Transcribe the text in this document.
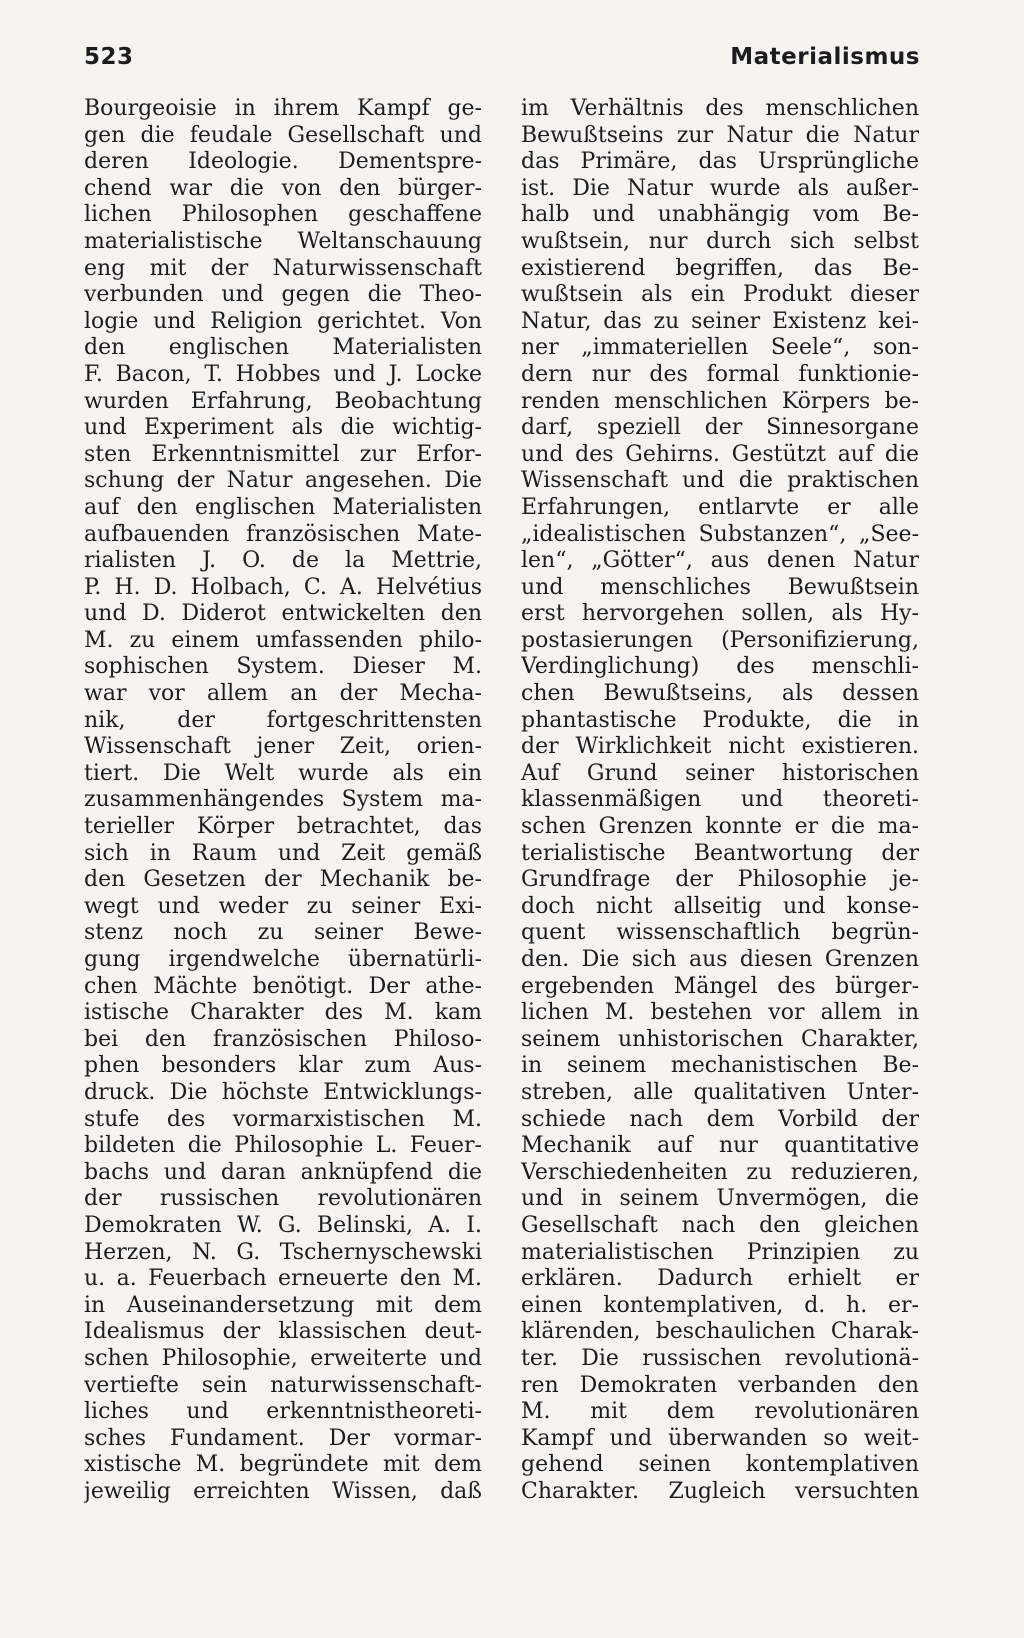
523	Materialismus
Bourgeoisie in ihrem Kampf ge-
gen die feudale Gesellschaft und
deren Ideologie. Dementspre-
chend war die von den bürger-
lichen Philosophen geschaffene
materialistische Weltanschauung
eng mit der Naturwissenschaft
verbunden und gegen die Theo-
logie und Religion gerichtet. Von
den englischen Materialisten
F. Bacon, T. Hobbes und J. Locke
wurden Erfahrung, Beobachtung
und Experiment als die wichtig-
sten Erkenntnismittel zur Erfor-
schung der Natur angesehen. Die
auf den englischen Materialisten
aufbauenden französischen Mate-
rialisten J. O. de la Mettrie,
P. H. D. Holbach, C. A. Helvétius
und D. Diderot entwickelten den
M. zu einem umfassenden philo-
sophischen System. Dieser M.
war vor allem an der Mecha-
nik, der fortgeschrittensten
Wissenschaft jener Zeit, orien-
tiert. Die Welt wurde als ein
zusammenhängendes System ma-
terieller Körper betrachtet, das
sich in Raum und Zeit gemäß
den Gesetzen der Mechanik be-
wegt und weder zu seiner Exi-
stenz noch zu seiner Bewe-
gung irgendwelche übernatürli-
chen Mächte benötigt. Der athe-
istische Charakter des M. kam
bei den französischen Philoso-
phen besonders klar zum Aus-
druck. Die höchste Entwicklungs-
stufe des vormarxistischen M.
bildeten die Philosophie L. Feuer-
bachs und daran anknüpfend die
der russischen revolutionären
Demokraten W. G. Belinski, A. I.
Herzen, N. G. Tschernyschewski
u. a. Feuerbach erneuerte den M.
in Auseinandersetzung mit dem
Idealismus der klassischen deut-
schen Philosophie, erweiterte und
vertiefte sein naturwissenschaft-
liches und erkenntnistheoreti-
sches Fundament. Der vormar-
xistische M. begründete mit dem
jeweilig erreichten Wissen, daß
im Verhältnis des menschlichen
Bewußtseins zur Natur die Natur
das Primäre, das Ursprüngliche
ist. Die Natur wurde als außer-
halb und unabhängig vom Be-
wußtsein, nur durch sich selbst
existierend begriffen, das Be-
wußtsein als ein Produkt dieser
Natur, das zu seiner Existenz kei-
ner „immateriellen Seele“, son-
dern nur des formal funktionie-
renden menschlichen Körpers be-
darf, speziell der Sinnesorgane
und des Gehirns. Gestützt auf die
Wissenschaft und die praktischen
Erfahrungen, entlarvte er alle
„idealistischen Substanzen“, „See-
len“, „Götter“, aus denen Natur
und menschliches Bewußtsein
erst hervorgehen sollen, als Hy-
postasierungen (Personifizierung,
Verdinglichung) des menschli-
chen Bewußtseins, als dessen
phantastische Produkte, die in
der Wirklichkeit nicht existieren.
Auf Grund seiner historischen
klassenmäßigen und theoreti-
schen Grenzen konnte er die ma-
terialistische Beantwortung der
Grundfrage der Philosophie je-
doch nicht allseitig und konse-
quent wissenschaftlich begrün-
den. Die sich aus diesen Grenzen
ergebenden Mängel des bürger-
lichen M. bestehen vor allem in
seinem unhistorischen Charakter,
in seinem mechanistischen Be-
streben, alle qualitativen Unter-
schiede nach dem Vorbild der
Mechanik auf nur quantitative
Verschiedenheiten zu reduzieren,
und in seinem Unvermögen, die
Gesellschaft nach den gleichen
materialistischen Prinzipien zu
erklären. Dadurch erhielt er
einen kontemplativen, d. h. er-
klärenden, beschaulichen Charak-
ter. Die russischen revolutionä-
ren Demokraten verbanden den
M. mit dem revolutionären
Kampf und überwanden so weit-
gehend seinen kontemplativen
Charakter. Zugleich versuchten
